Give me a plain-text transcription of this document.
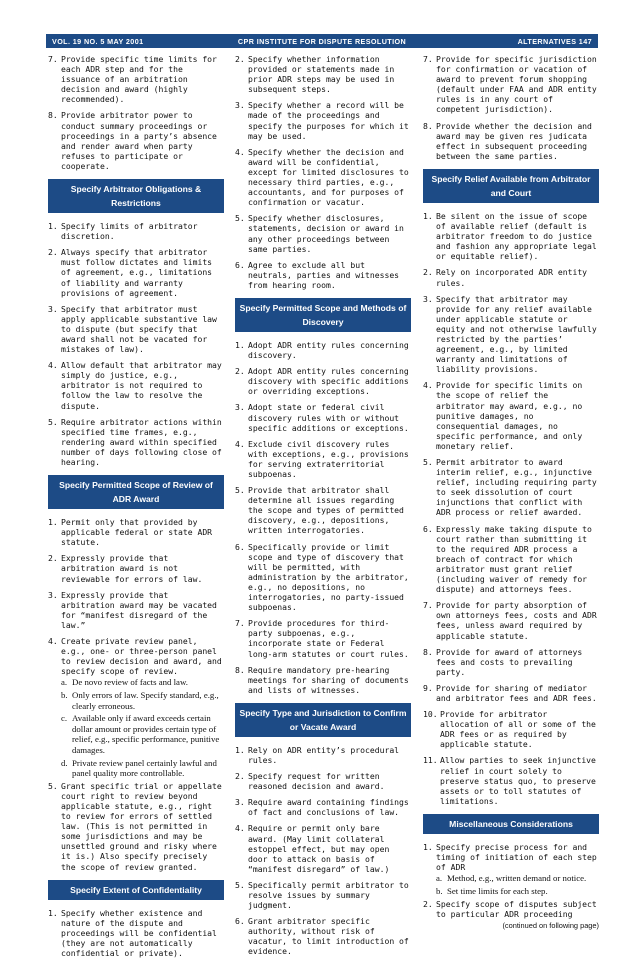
VOL. 19 NO. 5 MAY 2001	CPR INSTITUTE FOR DISPUTE RESOLUTION	ALTERNATIVES 147
7. Provide specific time limits for each ADR step and for the issuance of an arbitration decision and award (highly recommended).
8. Provide arbitrator power to conduct summary proceedings or proceedings in a party’s absence and render award when party refuses to participate or cooperate.
Specify Arbitrator Obligations & Restrictions
1. Specify limits of arbitrator discretion.
2. Always specify that arbitrator must follow dictates and limits of agreement, e.g., limitations of liability and warranty provisions of agreement.
3. Specify that arbitrator must apply applicable substantive law to dispute (but specify that award shall not be vacated for mistakes of law).
4. Allow default that arbitrator may simply do justice, e.g., arbitrator is not required to follow the law to resolve the dispute.
5. Require arbitrator actions within specified time frames, e.g., rendering award within specified number of days following close of hearing.
Specify Permitted Scope of Review of ADR Award
1. Permit only that provided by applicable federal or state ADR statute.
2. Expressly provide that arbitration award is not reviewable for errors of law.
3. Expressly provide that arbitration award may be vacated for “manifest disregard of the law.”
4. Create private review panel, e.g., one- or three-person panel to review decision and award, and specify scope of review.
a. De novo review of facts and law.
b. Only errors of law. Specify standard, e.g., clearly erroneous.
c. Available only if award exceeds certain dollar amount or provides certain type of relief, e.g., specific performance, punitive damages.
d. Private review panel certainly lawful and panel quality more controllable.
5. Grant specific trial or appellate court right to review beyond applicable statute, e.g., right to review for errors of settled law. (This is not permitted in some jurisdictions and may be unsettled ground and risky where it is.) Also specify precisely the scope of review granted.
Specify Extent of Confidentiality
1. Specify whether existence and nature of the dispute and proceedings will be confidential (they are not automatically confidential or private).
2. Specify whether information provided or statements made in prior ADR steps may be used in subsequent steps.
3. Specify whether a record will be made of the proceedings and specify the purposes for which it may be used.
4. Specify whether the decision and award will be confidential, except for limited disclosures to necessary third parties, e.g., accountants, and for purposes of confirmation or vacatur.
5. Specify whether disclosures, statements, decision or award in any other proceedings between same parties.
6. Agree to exclude all but neutrals, parties and witnesses from hearing room.
Specify Permitted Scope and Methods of Discovery
1. Adopt ADR entity rules concerning discovery.
2. Adopt ADR entity rules concerning discovery with specific additions or overriding exceptions.
3. Adopt state or federal civil discovery rules with or without specific additions or exceptions.
4. Exclude civil discovery rules with exceptions, e.g., provisions for serving extraterritorial subpoenas.
5. Provide that arbitrator shall determine all issues regarding the scope and types of permitted discovery, e.g., depositions, written interrogatories.
6. Specifically provide or limit scope and type of discovery that will be permitted, with administration by the arbitrator, e.g., no depositions, no interrogatories, no party-issued subpoenas.
7. Provide procedures for third-party subpoenas, e.g., incorporate state or Federal long-arm statutes or court rules.
8. Require mandatory pre-hearing meetings for sharing of documents and lists of witnesses.
Specify Type and Jurisdiction to Confirm or Vacate Award
1. Rely on ADR entity’s procedural rules.
2. Specify request for written reasoned decision and award.
3. Require award containing findings of fact and conclusions of law.
4. Require or permit only bare award. (May limit collateral estoppel effect, but may open door to attack on basis of “manifest disregard” of law.)
5. Specifically permit arbitrator to resolve issues by summary judgment.
6. Grant arbitrator specific authority, without risk of vacatur, to limit introduction of evidence.
7. Provide for specific jurisdiction for confirmation or vacation of award to prevent forum shopping (default under FAA and ADR entity rules is in any court of competent jurisdiction).
8. Provide whether the decision and award may be given res judicata effect in subsequent proceeding between the same parties.
Specify Relief Available from Arbitrator and Court
1. Be silent on the issue of scope of available relief (default is arbitrator freedom to do justice and fashion any appropriate legal or equitable relief).
2. Rely on incorporated ADR entity rules.
3. Specify that arbitrator may provide for any relief available under applicable statute or equity and not otherwise lawfully restricted by the parties’ agreement, e.g., by limited warranty and limitations of liability provisions.
4. Provide for specific limits on the scope of relief the arbitrator may award, e.g., no punitive damages, no consequential damages, no specific performance, and only monetary relief.
5. Permit arbitrator to award interim relief, e.g., injunctive relief, including requiring party to seek dissolution of court injunctions that conflict with ADR process or relief awarded.
6. Expressly make taking dispute to court rather than submitting it to the required ADR process a breach of contract for which arbitrator must grant relief (including waiver of remedy for dispute) and attorneys fees.
7. Provide for party absorption of own attorneys fees, costs and ADR fees, unless award required by applicable statute.
8. Provide for award of attorneys fees and costs to prevailing party.
9. Provide for sharing of mediator and arbitrator fees and ADR fees.
10. Provide for arbitrator allocation of all or some of the ADR fees or as required by applicable statute.
11. Allow parties to seek injunctive relief in court solely to preserve status quo, to preserve assets or to toll statutes of limitations.
Miscellaneous Considerations
1. Specify precise process for and timing of initiation of each step of ADR
a. Method, e.g., written demand or notice.
b. Set time limits for each step.
2. Specify scope of disputes subject to particular ADR proceeding
(continued on following page)
